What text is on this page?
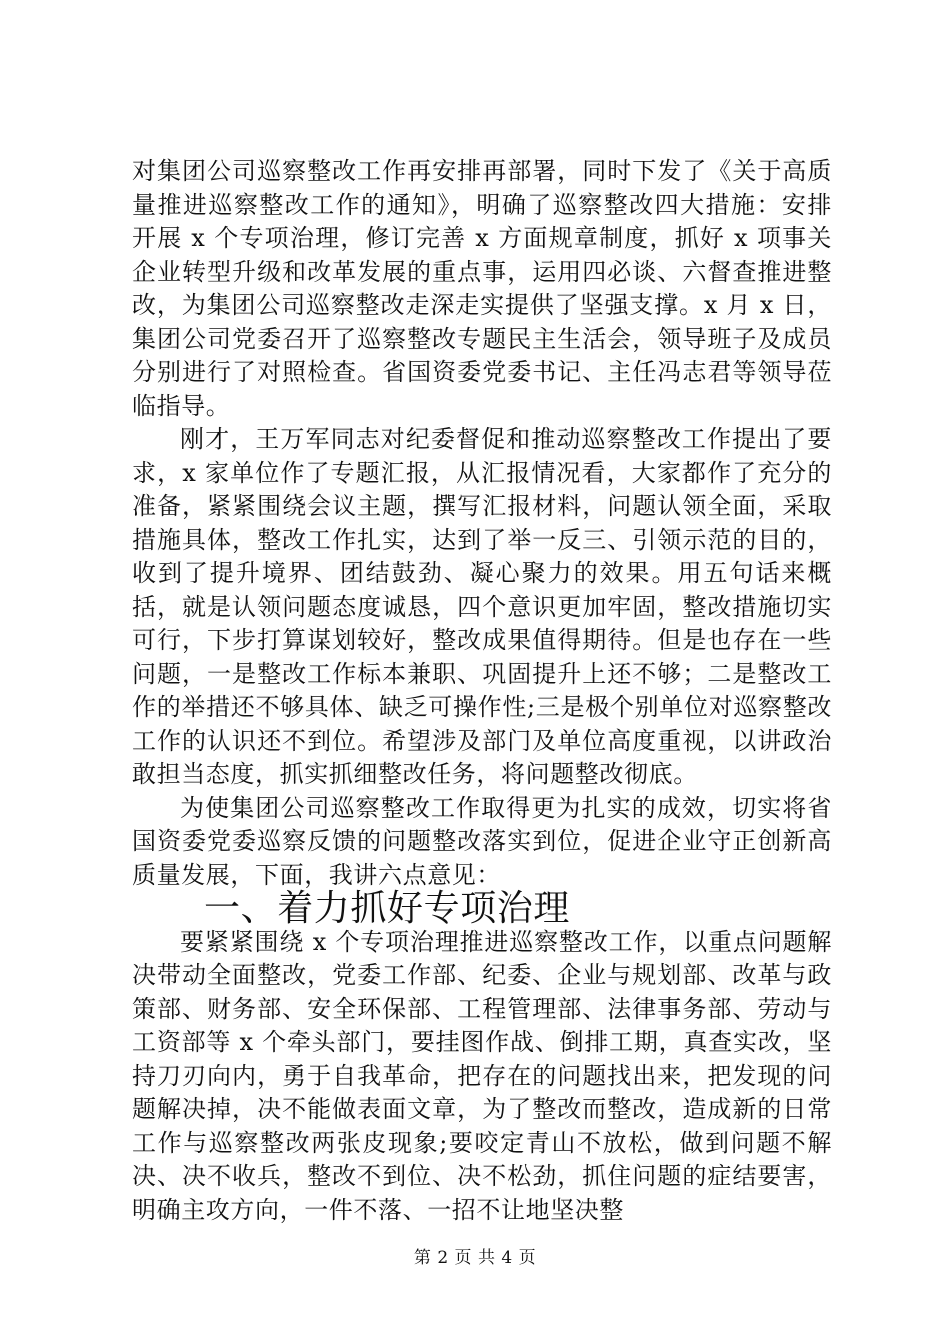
对集团公司巡察整改工作再安排再部署，同时下发了《关于高质量推进巡察整改工作的通知》，明确了巡察整改四大措施：安排开展 x 个专项治理，修订完善 x 方面规章制度，抓好 x 项事关企业转型升级和改革发展的重点事，运用四必谈、六督查推进整改，为集团公司巡察整改走深走实提供了坚强支撑。x 月 x 日，集团公司党委召开了巡察整改专题民主生活会，领导班子及成员分别进行了对照检查。省国资委党委书记、主任冯志君等领导莅临指导。

刚才，王万军同志对纪委督促和推动巡察整改工作提出了要求，x 家单位作了专题汇报，从汇报情况看，大家都作了充分的准备，紧紧围绕会议主题，撰写汇报材料，问题认领全面，采取措施具体，整改工作扎实，达到了举一反三、引领示范的目的，收到了提升境界、团结鼓劲、凝心聚力的效果。用五句话来概括，就是认领问题态度诚恳，四个意识更加牢固，整改措施切实可行，下步打算谋划较好，整改成果值得期待。但是也存在一些问题，一是整改工作标本兼职、巩固提升上还不够；二是整改工作的举措还不够具体、缺乏可操作性;三是极个别单位对巡察整改工作的认识还不到位。希望涉及部门及单位高度重视，以讲政治敢担当态度，抓实抓细整改任务，将问题整改彻底。

为使集团公司巡察整改工作取得更为扎实的成效，切实将省国资委党委巡察反馈的问题整改落实到位，促进企业守正创新高质量发展，下面，我讲六点意见：

一、着力抓好专项治理

要紧紧围绕 x 个专项治理推进巡察整改工作，以重点问题解决带动全面整改，党委工作部、纪委、企业与规划部、改革与政策部、财务部、安全环保部、工程管理部、法律事务部、劳动与工资部等 x 个牵头部门，要挂图作战、倒排工期，真查实改，坚持刀刃向内，勇于自我革命，把存在的问题找出来，把发现的问题解决掉，决不能做表面文章，为了整改而整改，造成新的日常工作与巡察整改两张皮现象;要咬定青山不放松，做到问题不解决、决不收兵，整改不到位、决不松劲，抓住问题的症结要害，明确主攻方向，一件不落、一招不让地坚决整

第 2 页 共 4 页
